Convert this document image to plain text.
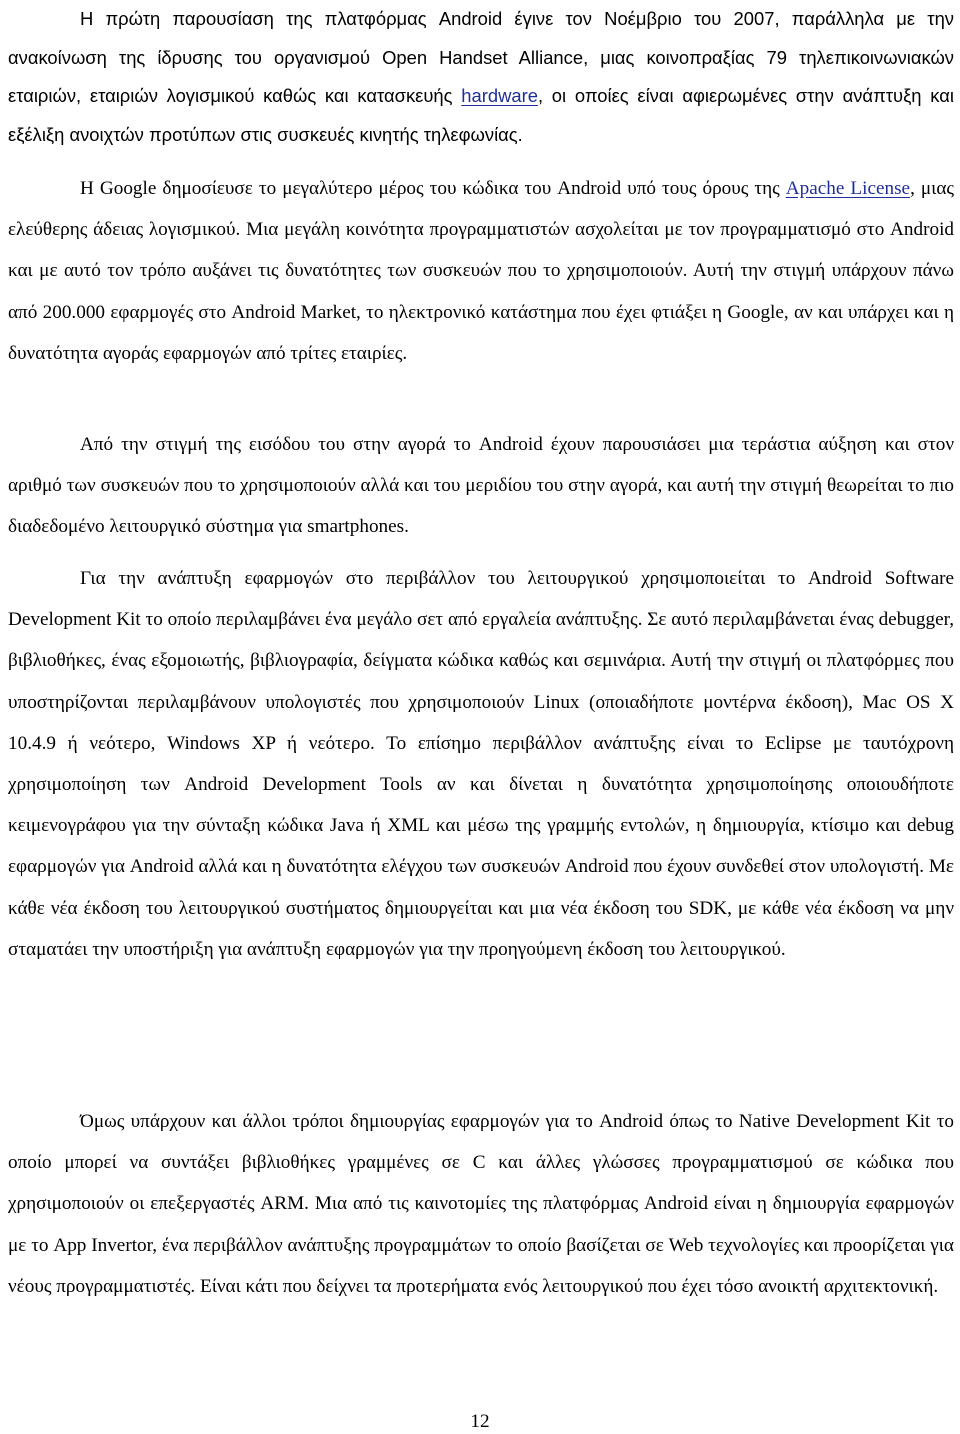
Η πρώτη παρουσίαση της πλατφόρμας Android έγινε τον Νοέμβριο του 2007, παράλληλα με την ανακοίνωση της ίδρυσης του οργανισμού Open Handset Alliance, μιας κοινοπραξίας 79 τηλεπικοινωνιακών εταιριών, εταιριών λογισμικού καθώς και κατασκευής hardware, οι οποίες είναι αφιερωμένες στην ανάπτυξη και εξέλιξη ανοιχτών προτύπων στις συσκευές κινητής τηλεφωνίας.

Η Google δημοσίευσε το μεγαλύτερο μέρος του κώδικα του Android υπό τους όρους της Apache License, μιας ελεύθερης άδειας λογισμικού. Μια μεγάλη κοινότητα προγραμματιστών ασχολείται με τον προγραμματισμό στο Android και με αυτό τον τρόπο αυξάνει τις δυνατότητες των συσκευών που το χρησιμοποιούν. Αυτή την στιγμή υπάρχουν πάνω από 200.000 εφαρμογές στο Android Market, το ηλεκτρονικό κατάστημα που έχει φτιάξει η Google, αν και υπάρχει και η δυνατότητα αγοράς εφαρμογών από τρίτες εταιρίες.

Από την στιγμή της εισόδου του στην αγορά το Android έχουν παρουσιάσει μια τεράστια αύξηση και στον αριθμό των συσκευών που το χρησιμοποιούν αλλά και του μεριδίου του στην αγορά, και αυτή την στιγμή θεωρείται το πιο διαδεδομένο λειτουργικό σύστημα για smartphones.

Για την ανάπτυξη εφαρμογών στο περιβάλλον του λειτουργικού χρησιμοποιείται το Android Software Development Kit το οποίο περιλαμβάνει ένα μεγάλο σετ από εργαλεία ανάπτυξης. Σε αυτό περιλαμβάνεται ένας debugger, βιβλιοθήκες, ένας εξομοιωτής, βιβλιογραφία, δείγματα κώδικα καθώς και σεμινάρια. Αυτή την στιγμή οι πλατφόρμες που υποστηρίζονται περιλαμβάνουν υπολογιστές που χρησιμοποιούν Linux (οποιαδήποτε μοντέρνα έκδοση), Mac OS X 10.4.9 ή νεότερο, Windows XP ή νεότερο. Το επίσημο περιβάλλον ανάπτυξης είναι το Eclipse με ταυτόχρονη χρησιμοποίηση των Android Development Tools αν και δίνεται η δυνατότητα χρησιμοποίησης οποιουδήποτε κειμενογράφου για την σύνταξη κώδικα Java ή XML και μέσω της γραμμής εντολών, η δημιουργία, κτίσιμο και debug εφαρμογών για Android αλλά και η δυνατότητα ελέγχου των συσκευών Android που έχουν συνδεθεί στον υπολογιστή. Με κάθε νέα έκδοση του λειτουργικού συστήματος δημιουργείται και μια νέα έκδοση του SDK, με κάθε νέα έκδοση να μην σταματάει την υποστήριξη για ανάπτυξη εφαρμογών για την προηγούμενη έκδοση του λειτουργικού.

Όμως υπάρχουν και άλλοι τρόποι δημιουργίας εφαρμογών για το Android όπως το Native Development Kit το οποίο μπορεί να συντάξει βιβλιοθήκες γραμμένες σε C και άλλες γλώσσες προγραμματισμού σε κώδικα που χρησιμοποιούν οι επεξεργαστές ARM. Μια από τις καινοτομίες της πλατφόρμας Android είναι η δημιουργία εφαρμογών με το App Invertor, ένα περιβάλλον ανάπτυξης προγραμμάτων το οποίο βασίζεται σε Web τεχνολογίες και προορίζεται για νέους προγραμματιστές. Είναι κάτι που δείχνει τα προτερήματα ενός λειτουργικού που έχει τόσο ανοικτή αρχιτεκτονική.

12
